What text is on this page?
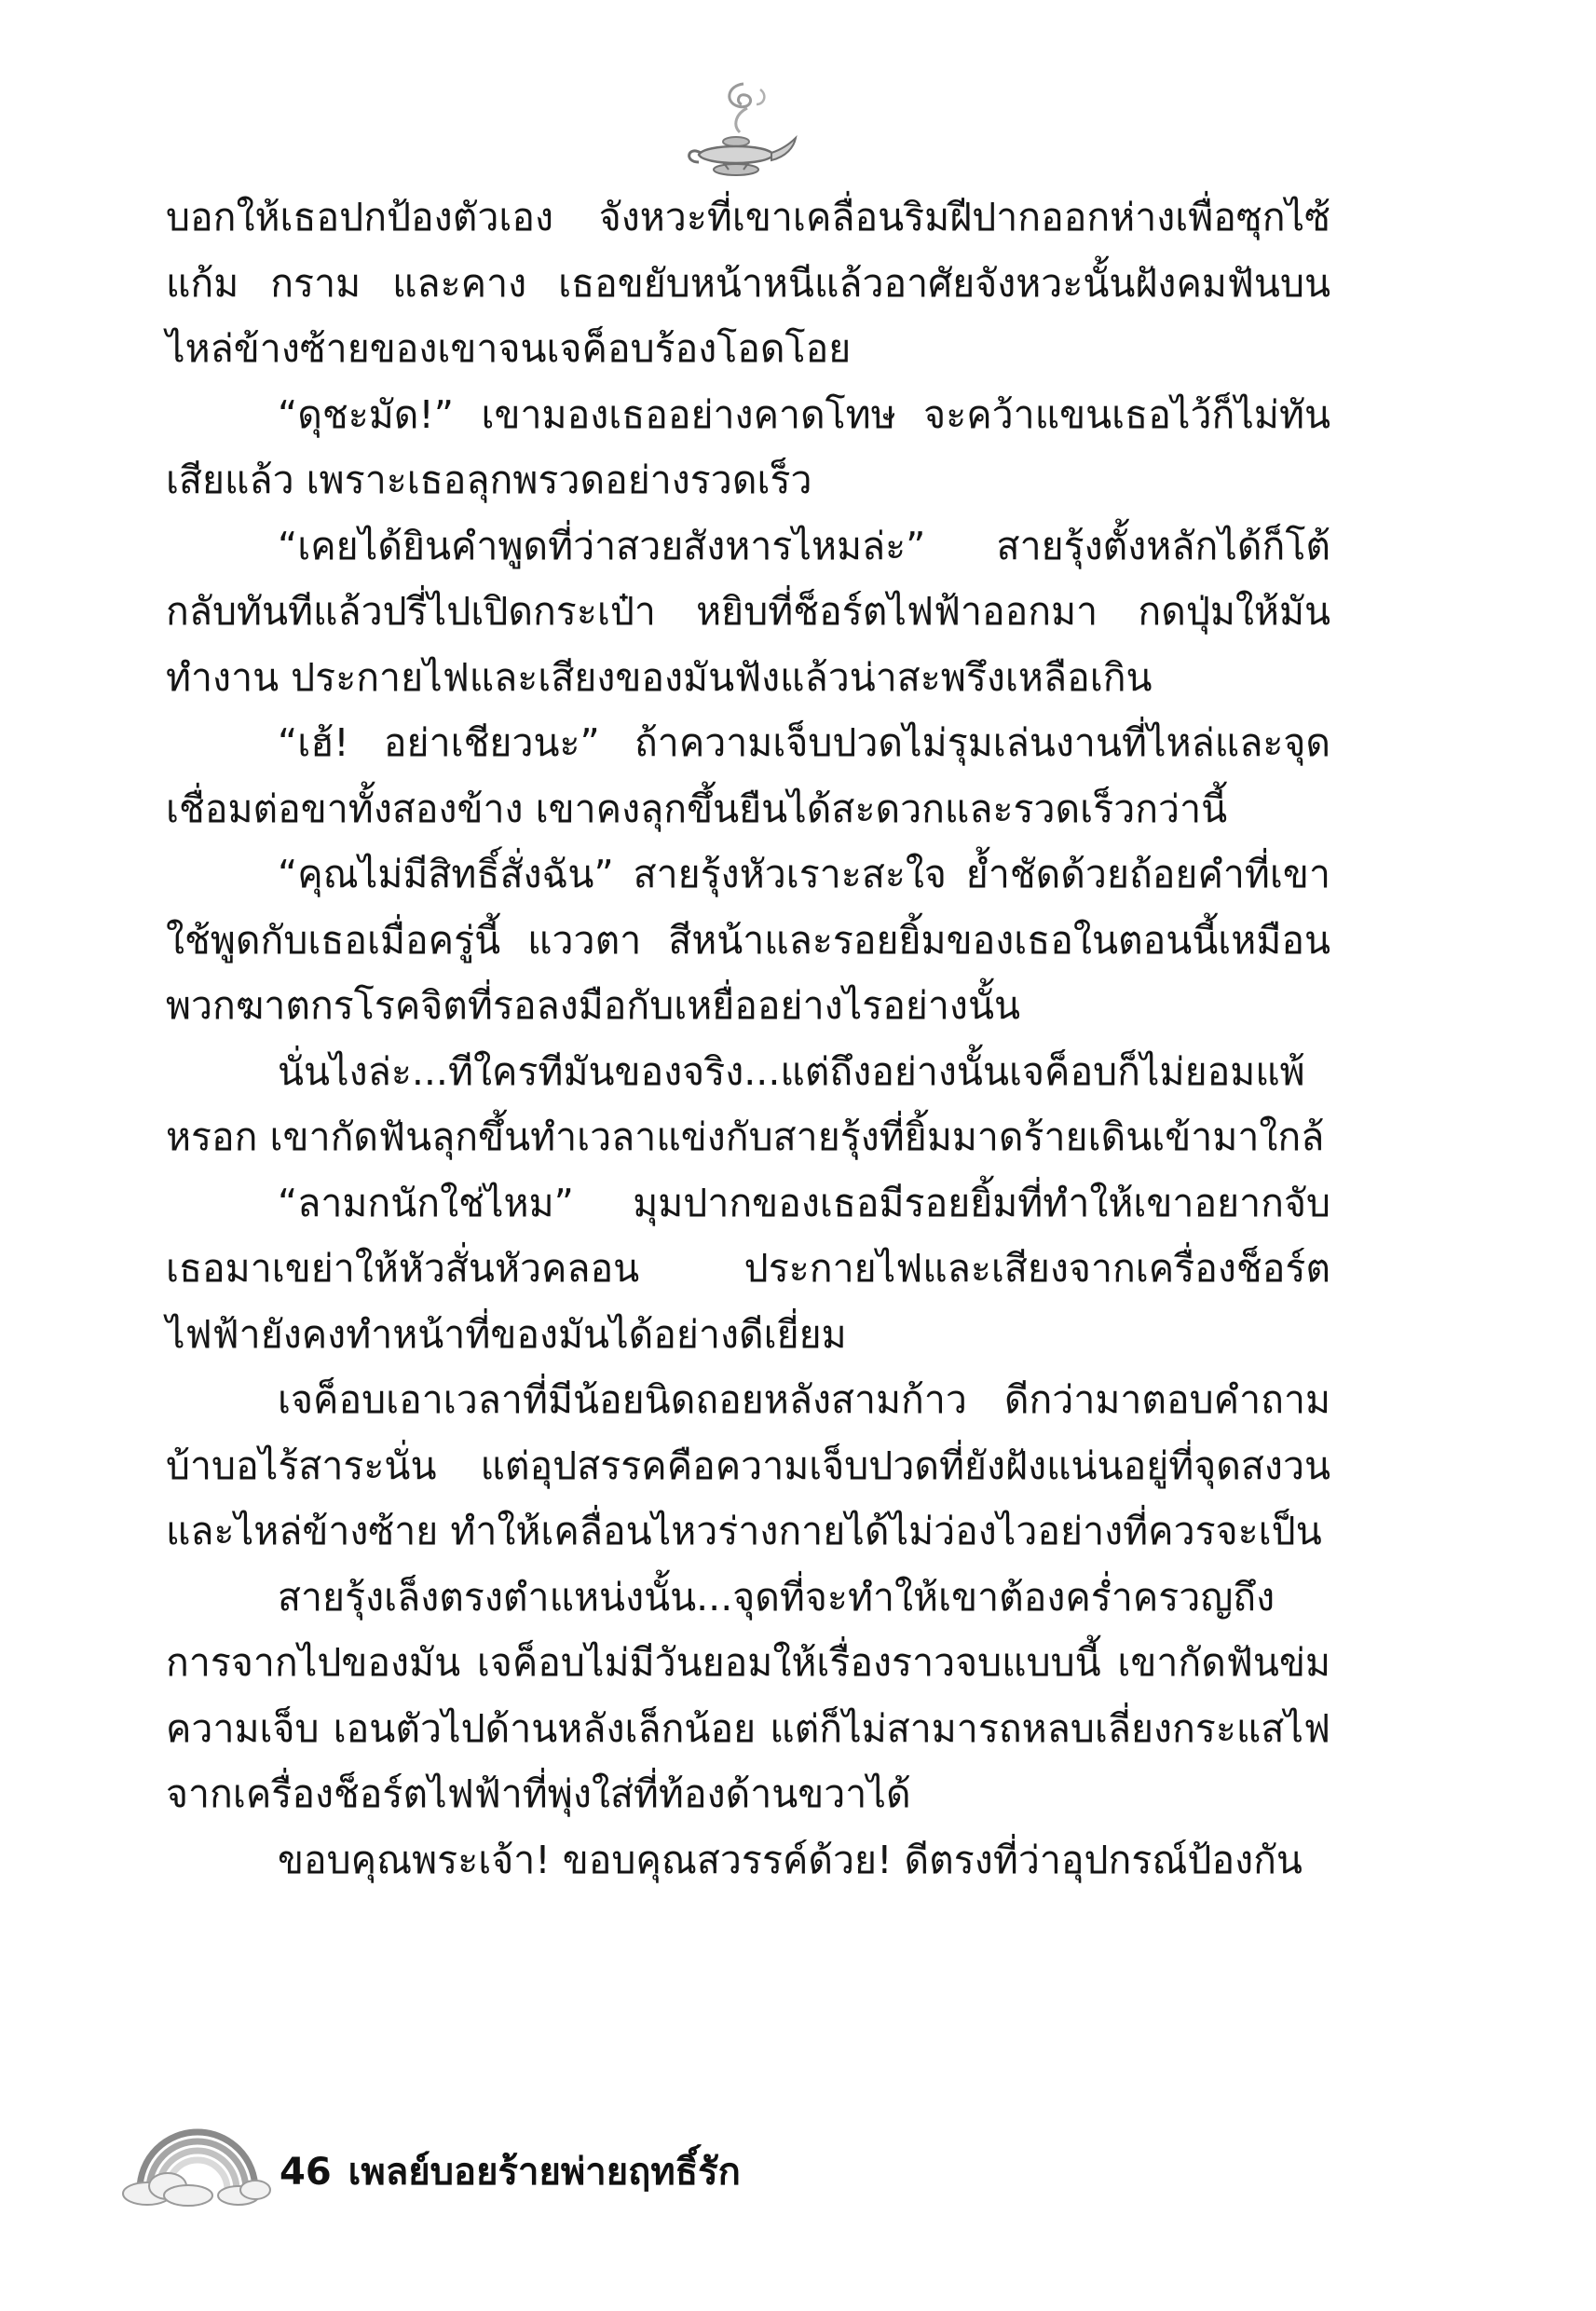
บอกให้เธอปกป้องตัวเอง จังหวะที่เขาเคลื่อนริมฝีปากออกห่างเพื่อซุกไซ้แก้ม กราม และคาง เธอขยับหน้าหนีแล้วอาศัยจังหวะนั้นฝังคมฟันบนไหล่ข้างซ้ายของเขาจนเจค็อบร้องโอดโอย

“ดุชะมัด!” เขามองเธออย่างคาดโทษ จะคว้าแขนเธอไว้ก็ไม่ทันเสียแล้ว เพราะเธอลุกพรวดอย่างรวดเร็ว

“เคยได้ยินคำพูดที่ว่าสวยสังหารไหมล่ะ” สายรุ้งตั้งหลักได้ก็โต้กลับทันทีแล้วปรี่ไปเปิดกระเป๋า หยิบที่ช็อร์ตไฟฟ้าออกมา กดปุ่มให้มันทำงาน ประกายไฟและเสียงของมันฟังแล้วน่าสะพรึงเหลือเกิน

“เฮ้! อย่าเชียวนะ” ถ้าความเจ็บปวดไม่รุมเล่นงานที่ไหล่และจุดเชื่อมต่อขาทั้งสองข้าง เขาคงลุกขึ้นยืนได้สะดวกและรวดเร็วกว่านี้

“คุณไม่มีสิทธิ์สั่งฉัน” สายรุ้งหัวเราะสะใจ ย้ำชัดด้วยถ้อยคำที่เขาใช้พูดกับเธอเมื่อครู่นี้ แววตา สีหน้าและรอยยิ้มของเธอในตอนนี้เหมือนพวกฆาตกรโรคจิตที่รอลงมือกับเหยื่ออย่างไรอย่างนั้น

นั่นไงล่ะ...ทีใครทีมันของจริง...แต่ถึงอย่างนั้นเจค็อบก็ไม่ยอมแพ้หรอก เขากัดฟันลุกขึ้นทำเวลาแข่งกับสายรุ้งที่ยิ้มมาดร้ายเดินเข้ามาใกล้

“ลามกนักใช่ไหม” มุมปากของเธอมีรอยยิ้มที่ทำให้เขาอยากจับเธอมาเขย่าให้หัวสั่นหัวคลอน ประกายไฟและเสียงจากเครื่องช็อร์ตไฟฟ้ายังคงทำหน้าที่ของมันได้อย่างดีเยี่ยม

เจค็อบเอาเวลาที่มีน้อยนิดถอยหลังสามก้าว ดีกว่ามาตอบคำถามบ้าบอไร้สาระนั่น แต่อุปสรรคคือความเจ็บปวดที่ยังฝังแน่นอยู่ที่จุดสงวนและไหล่ข้างซ้าย ทำให้เคลื่อนไหวร่างกายได้ไม่ว่องไวอย่างที่ควรจะเป็น

สายรุ้งเล็งตรงตำแหน่งนั้น...จุดที่จะทำให้เขาต้องคร่ำครวญถึงการจากไปของมัน เจค็อบไม่มีวันยอมให้เรื่องราวจบแบบนี้ เขากัดฟันข่มความเจ็บ เอนตัวไปด้านหลังเล็กน้อย แต่ก็ไม่สามารถหลบเลี่ยงกระแสไฟจากเครื่องช็อร์ตไฟฟ้าที่พุ่งใส่ที่ท้องด้านขวาได้

ขอบคุณพระเจ้า! ขอบคุณสวรรค์ด้วย! ดีตรงที่ว่าอุปกรณ์ป้องกัน

46 เพลย์บอยร้ายพ่ายฤทธิ์รัก
